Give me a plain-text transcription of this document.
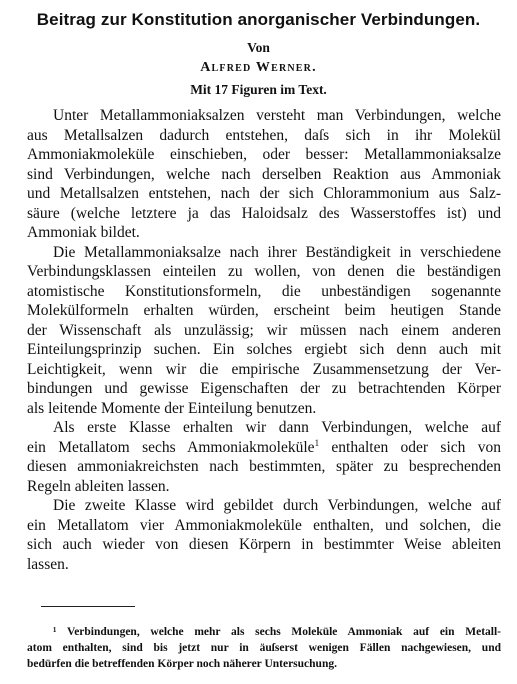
Beitrag zur Konstitution anorganischer Verbindungen.
Von
Alfred Werner.
Mit 17 Figuren im Text.
Unter Metallammoniaksalzen versteht man Verbindungen, welche
aus Metallsalzen dadurch entstehen, daſs sich in ihr Molekül
Ammoniakmoleküle einschieben, oder besser: Metallammoniaksalze
sind Verbindungen, welche nach derselben Reaktion aus Ammoniak
und Metallsalzen entstehen, nach der sich Chlorammonium aus Salz-
säure (welche letztere ja das Haloidsalz des Wasserstoffes ist) und
Ammoniak bildet.
Die Metallammoniaksalze nach ihrer Beständigkeit in verschiedene
Verbindungsklassen einteilen zu wollen, von denen die beständigen
atomistische Konstitutionsformeln, die unbeständigen sogenannte
Molekülformeln erhalten würden, erscheint beim heutigen Stande
der Wissenschaft als unzulässig; wir müssen nach einem anderen
Einteilungsprinzip suchen. Ein solches ergiebt sich denn auch mit
Leichtigkeit, wenn wir die empirische Zusammensetzung der Ver-
bindungen und gewisse Eigenschaften der zu betrachtenden Körper
als leitende Momente der Einteilung benutzen.
Als erste Klasse erhalten wir dann Verbindungen, welche auf
ein Metallatom sechs Ammoniakmoleküle$^1$ enthalten oder sich von
diesen ammoniakreichsten nach bestimmten, später zu besprechenden
Regeln ableiten lassen.
Die zweite Klasse wird gebildet durch Verbindungen, welche auf
ein Metallatom vier Ammoniakmoleküle enthalten, und solchen, die
sich auch wieder von diesen Körpern in bestimmter Weise ableiten
lassen.
¹ Verbindungen, welche mehr als sechs Moleküle Ammoniak auf ein Metall-
atom enthalten, sind bis jetzt nur in äuſserst wenigen Fällen nachgewiesen, und
bedürfen die betreffenden Körper noch näherer Untersuchung.
